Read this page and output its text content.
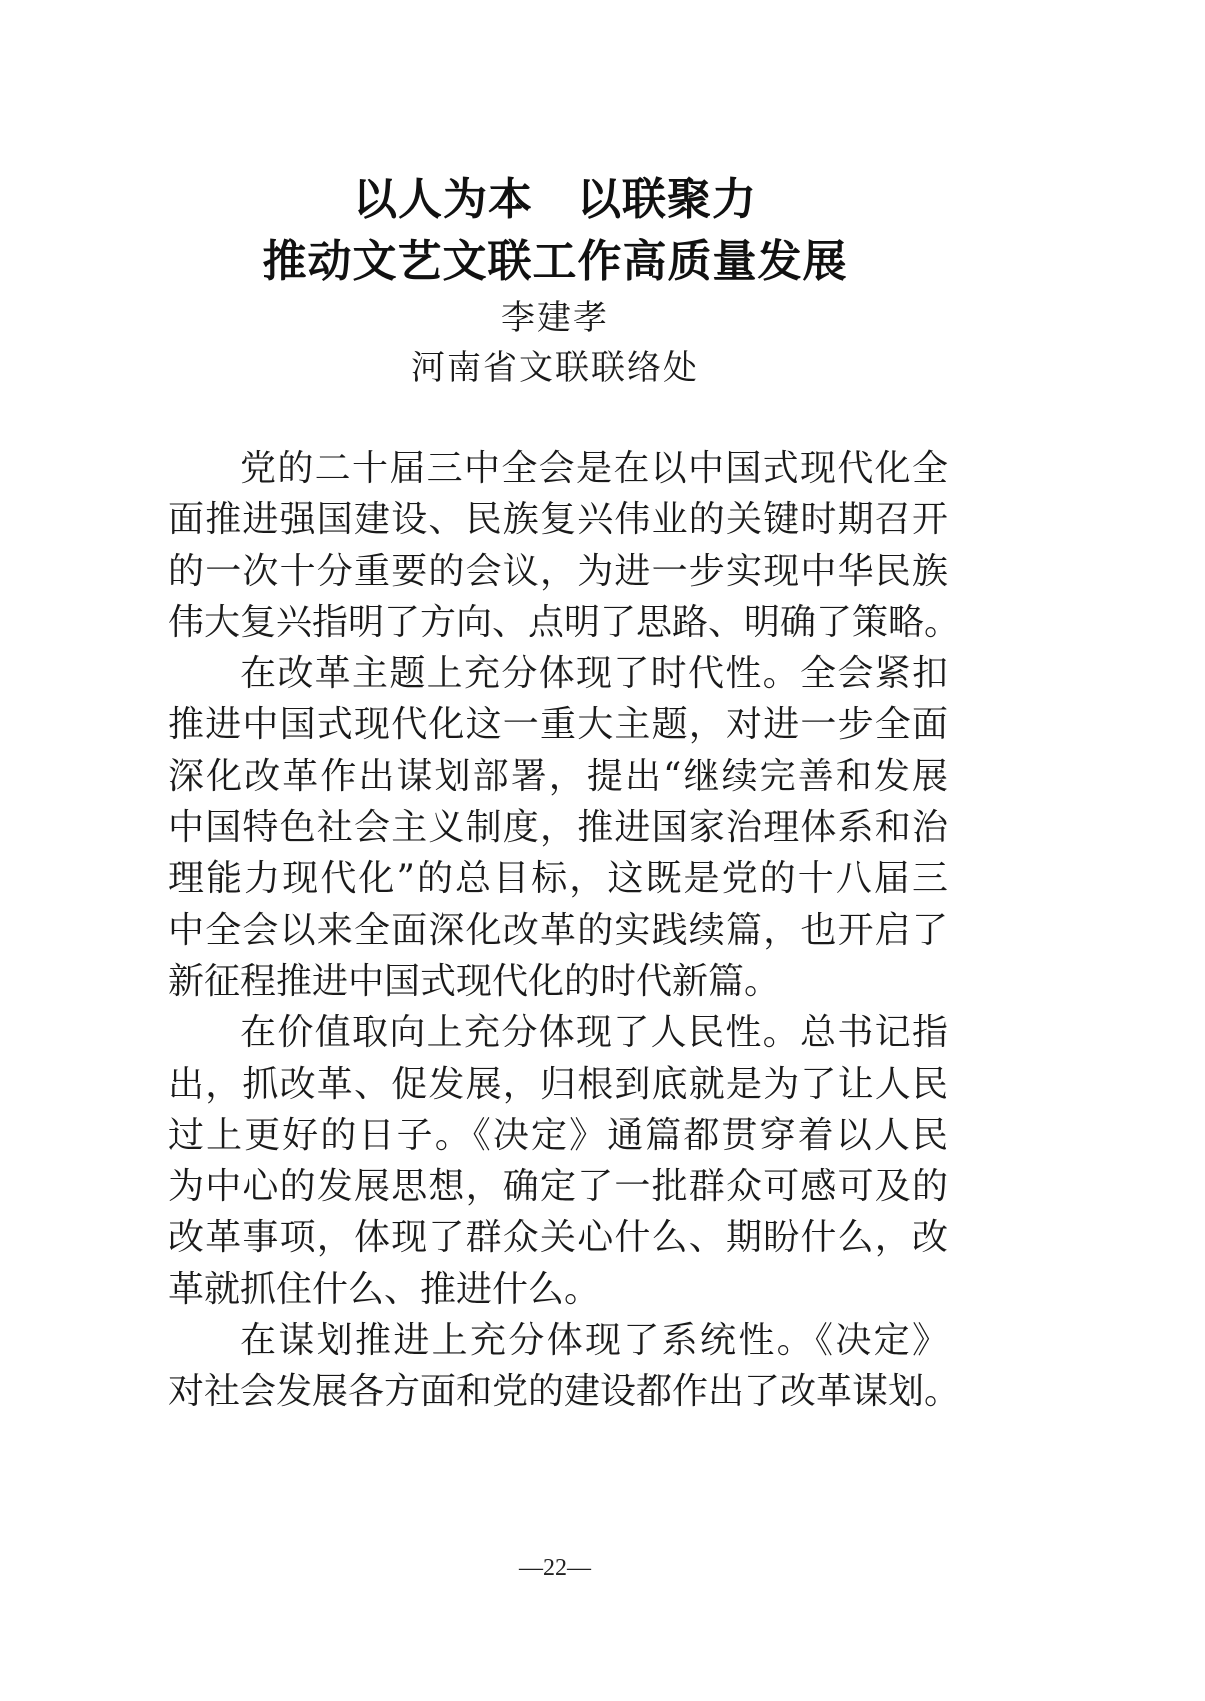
以人为本 以联聚力
推动文艺文联工作高质量发展
李建孝
河南省文联联络处
党的二十届三中全会是在以中国式现代化全
面推进强国建设、民族复兴伟业的关键时期召开
的一次十分重要的会议，为进一步实现中华民族
伟大复兴指明了方向、点明了思路、明确了策略。
在改革主题上充分体现了时代性。全会紧扣
推进中国式现代化这一重大主题，对进一步全面
深化改革作出谋划部署，提出“继续完善和发展
中国特色社会主义制度，推进国家治理体系和治
理能力现代化”的总目标，这既是党的十八届三
中全会以来全面深化改革的实践续篇，也开启了
新征程推进中国式现代化的时代新篇。
在价值取向上充分体现了人民性。总书记指
出，抓改革、促发展，归根到底就是为了让人民
过上更好的日子。《决定》通篇都贯穿着以人民
为中心的发展思想，确定了一批群众可感可及的
改革事项，体现了群众关心什么、期盼什么，改
革就抓住什么、推进什么。
在谋划推进上充分体现了系统性。《决定》
对社会发展各方面和党的建设都作出了改革谋划。
—22—
